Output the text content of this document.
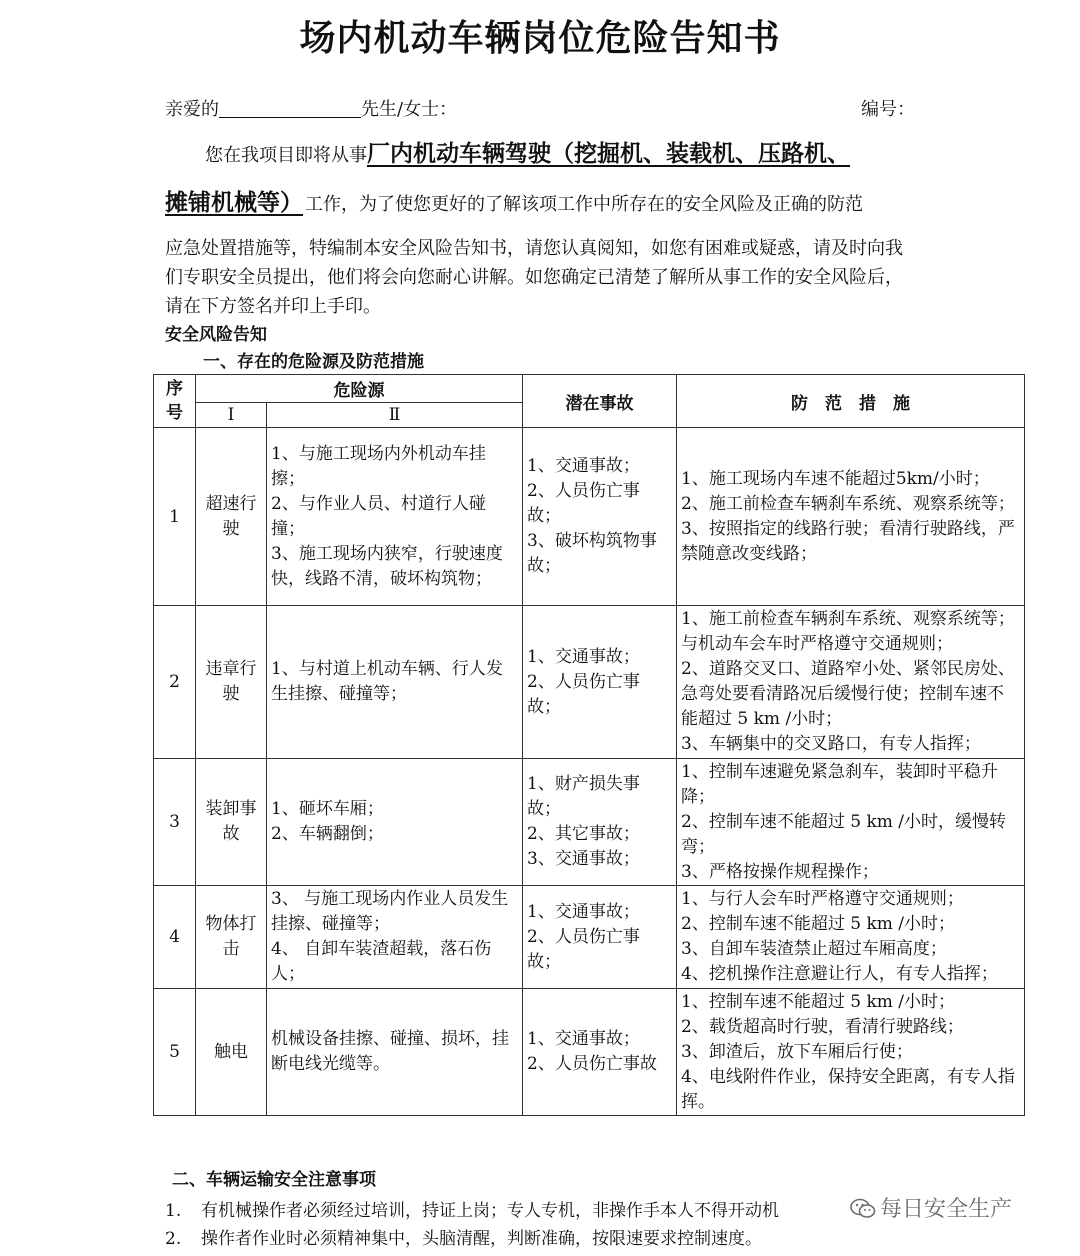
场内机动车辆岗位危险告知书
亲爱的	先生/女士：	编号：
您在我项目即将从事厂内机动车辆驾驶（挖掘机、装载机、压路机、
摊铺机械等） 工作，为了使您更好的了解该项工作中所存在的安全风险及正确的防范
应急处置措施等，特编制本安全风险告知书，请您认真阅知，如您有困难或疑惑，请及时向我们专职安全员提出，他们将会向您耐心讲解。如您确定已清楚了解所从事工作的安全风险后，请在下方签名并印上手印。
安全风险告知
一、存在的危险源及防范措施
序号	危险源		潜在事故	防　范　措　施
	Ⅰ	Ⅱ		
1	超速行驶	1、与施工现场内外机动车挂擦；
2、与作业人员、村道行人碰撞；
3、施工现场内狭窄，行驶速度快，线路不清，破坏构筑物；	1、交通事故；
2、人员伤亡事故；
3、破坏构筑物事故；	1、施工现场内车速不能超过5km/小时；
2、施工前检查车辆刹车系统、观察系统等；
3、按照指定的线路行驶；看清行驶路线，严禁随意改变线路；
2	违章行驶	1、与村道上机动车辆、行人发生挂擦、碰撞等；	1、交通事故；
2、人员伤亡事故；	1、施工前检查车辆刹车系统、观察系统等；与机动车会车时严格遵守交通规则；
2、道路交叉口、道路窄小处、紧邻民房处、急弯处要看清路况后缓慢行使；控制车速不能超过 5 km /小时；
3、车辆集中的交叉路口，有专人指挥；
3	装卸事故	1、砸坏车厢；
2、车辆翻倒；	1、财产损失事故；
2、其它事故；
3、交通事故；	1、控制车速避免紧急刹车，装卸时平稳升降；
2、控制车速不能超过 5 km /小时，缓慢转弯；
3、严格按操作规程操作；
4	物体打击	3、 与施工现场内作业人员发生挂擦、碰撞等；
4、 自卸车装渣超载，落石伤人；	1、交通事故；
2、人员伤亡事故；	1、与行人会车时严格遵守交通规则；
2、控制车速不能超过 5 km /小时；
3、自卸车装渣禁止超过车厢高度；
4、挖机操作注意避让行人，有专人指挥；
5	触电	机械设备挂擦、碰撞、损坏，挂断电线光缆等。	1、交通事故；
2、人员伤亡事故	1、控制车速不能超过 5 km /小时；
2、载货超高时行驶，看清行驶路线；
3、卸渣后，放下车厢后行使；
4、电线附件作业，保持安全距离，有专人指挥。
二、车辆运输安全注意事项
1. 有机械操作者必须经过培训，持证上岗；专人专机，非操作手本人不得开动机
2. 操作者作业时必须精神集中，头脑清醒，判断准确，按限速要求控制速度。
每日安全生产
